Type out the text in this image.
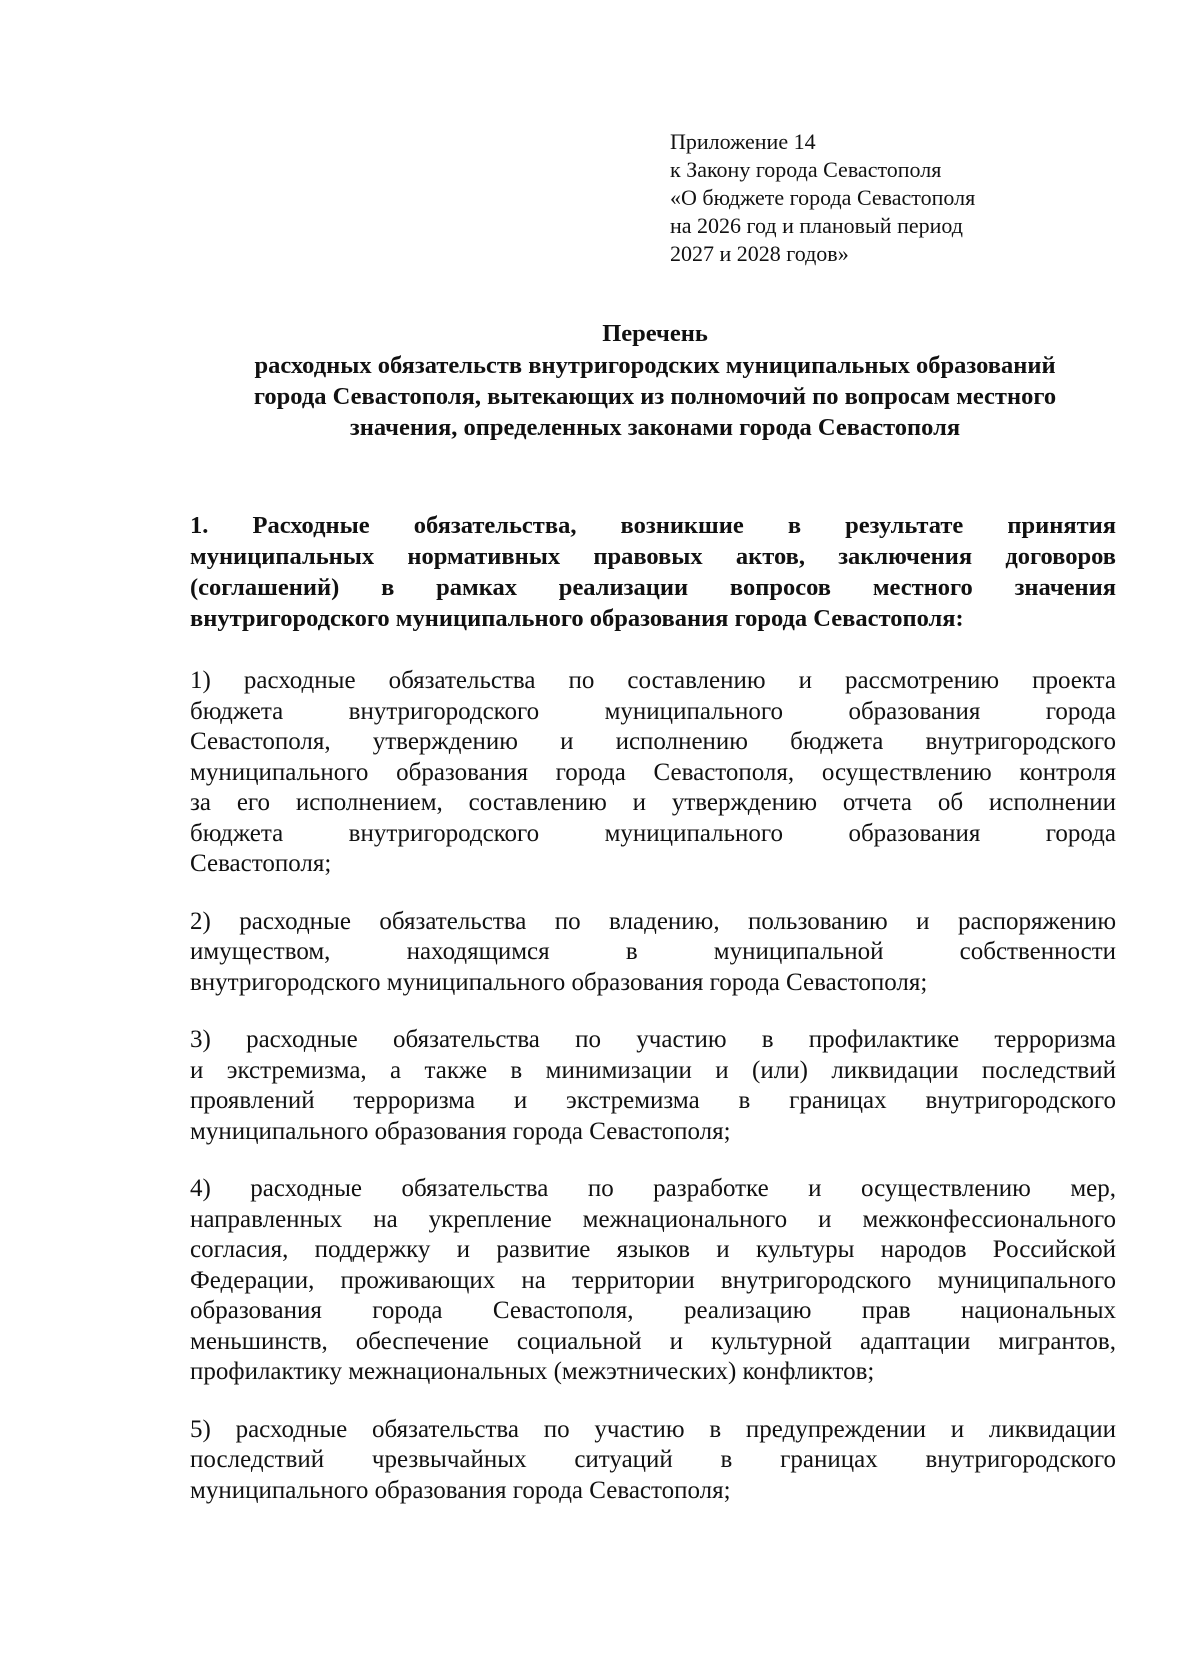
Приложение 14
к Закону города Севастополя
«О бюджете города Севастополя
на 2026 год и плановый период
2027 и 2028 годов»
Перечень
расходных обязательств внутригородских муниципальных образований
города Севастополя, вытекающих из полномочий по вопросам местного
значения, определенных законами города Севастополя
1. Расходные обязательства, возникшие в результате принятия
муниципальных нормативных правовых актов, заключения договоров
(соглашений) в рамках реализации вопросов местного значения
внутригородского муниципального образования города Севастополя:
1) расходные обязательства по составлению и рассмотрению проекта
бюджета внутригородского муниципального образования города
Севастополя, утверждению и исполнению бюджета внутригородского
муниципального образования города Севастополя, осуществлению контроля
за его исполнением, составлению и утверждению отчета об исполнении
бюджета внутригородского муниципального образования города
Севастополя;
2) расходные обязательства по владению, пользованию и распоряжению
имуществом, находящимся в муниципальной собственности
внутригородского муниципального образования города Севастополя;
3) расходные обязательства по участию в профилактике терроризма
и экстремизма, а также в минимизации и (или) ликвидации последствий
проявлений терроризма и экстремизма в границах внутригородского
муниципального образования города Севастополя;
4) расходные обязательства по разработке и осуществлению мер,
направленных на укрепление межнационального и межконфессионального
согласия, поддержку и развитие языков и культуры народов Российской
Федерации, проживающих на территории внутригородского муниципального
образования города Севастополя, реализацию прав национальных
меньшинств, обеспечение социальной и культурной адаптации мигрантов,
профилактику межнациональных (межэтнических) конфликтов;
5) расходные обязательства по участию в предупреждении и ликвидации
последствий чрезвычайных ситуаций в границах внутригородского
муниципального образования города Севастополя;
